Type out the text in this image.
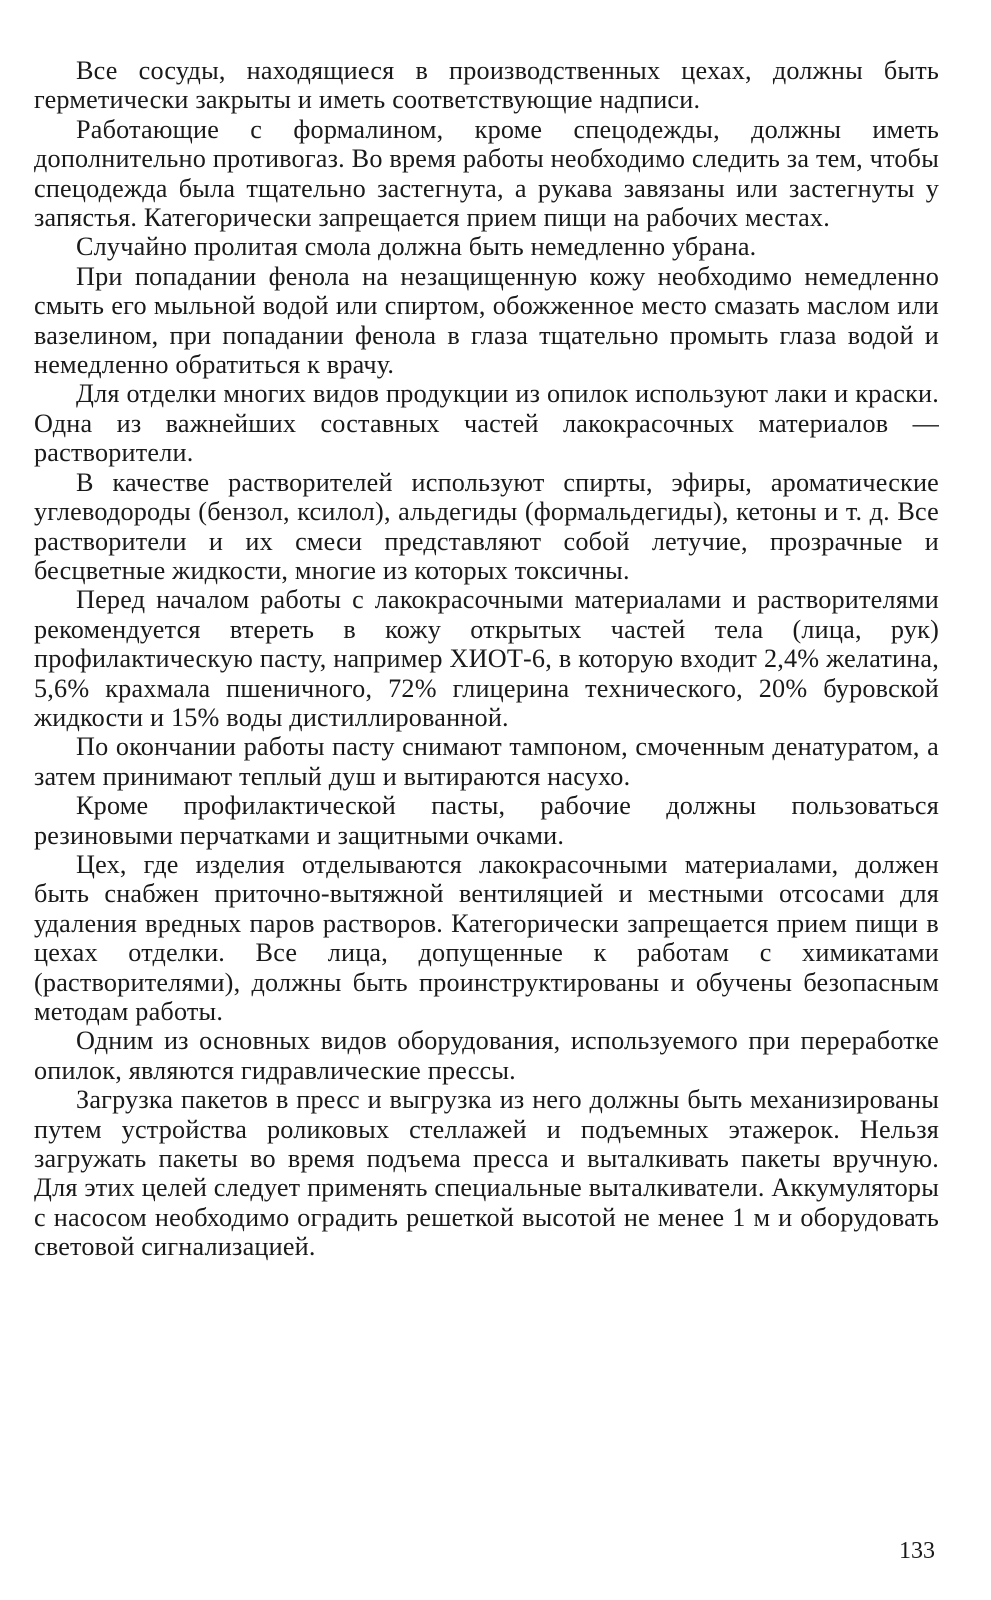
Все сосуды, находящиеся в производственных цехах, должны быть герметически закрыты и иметь соответствующие надписи.

Работающие с формалином, кроме спецодежды, должны иметь дополнительно противогаз. Во время работы необходимо следить за тем, чтобы спецодежда была тщательно застегнута, а рукава завязаны или застегнуты у запястья. Категорически запрещается прием пищи на рабочих местах.

Случайно пролитая смола должна быть немедленно убрана.

При попадании фенола на незащищенную кожу необходимо немедленно смыть его мыльной водой или спиртом, обожженное место смазать маслом или вазелином, при попадании фенола в глаза тщательно промыть глаза водой и немедленно обратиться к врачу.

Для отделки многих видов продукции из опилок используют лаки и краски. Одна из важнейших составных частей лакокрасочных материалов — растворители.

В качестве растворителей используют спирты, эфиры, ароматические углеводороды (бензол, ксилол), альдегиды (формальдегиды), кетоны и т. д. Все растворители и их смеси представляют собой летучие, прозрачные и бесцветные жидкости, многие из которых токсичны.

Перед началом работы с лакокрасочными материалами и растворителями рекомендуется втереть в кожу открытых частей тела (лица, рук) профилактическую пасту, например ХИОТ-6, в которую входит 2,4% желатина, 5,6% крахмала пшеничного, 72% глицерина технического, 20% буровской жидкости и 15% воды дистиллированной.

По окончании работы пасту снимают тампоном, смоченным денатуратом, а затем принимают теплый душ и вытираются насухо.

Кроме профилактической пасты, рабочие должны пользоваться резиновыми перчатками и защитными очками.

Цех, где изделия отделываются лакокрасочными материалами, должен быть снабжен приточно-вытяжной вентиляцией и местными отсосами для удаления вредных паров растворов. Категорически запрещается прием пищи в цехах отделки. Все лица, допущенные к работам с химикатами (растворителями), должны быть проинструктированы и обучены безопасным методам работы.

Одним из основных видов оборудования, используемого при переработке опилок, являются гидравлические прессы.

Загрузка пакетов в пресс и выгрузка из него должны быть механизированы путем устройства роликовых стеллажей и подъемных этажерок. Нельзя загружать пакеты во время подъема пресса и выталкивать пакеты вручную. Для этих целей следует применять специальные выталкиватели. Аккумуляторы с насосом необходимо оградить решеткой высотой не менее 1 м и оборудовать световой сигнализацией.

133
